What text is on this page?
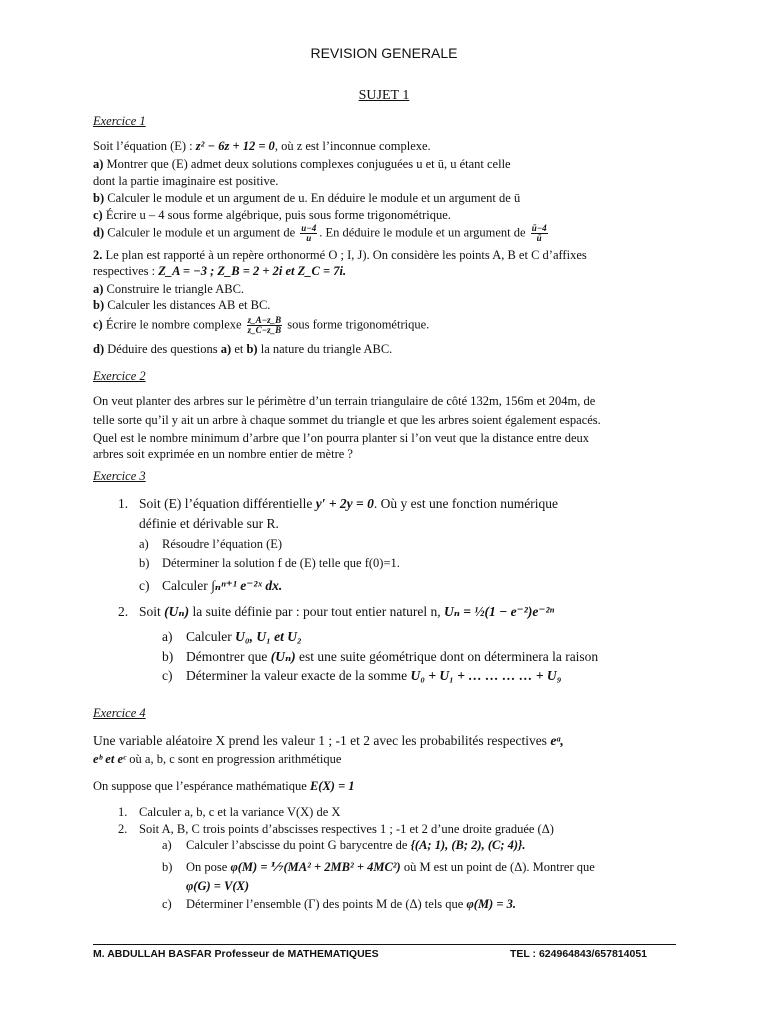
REVISION GENERALE
SUJET 1
Exercice 1
Soit l’équation (E) : z² − 6z + 12 = 0, où z est l’inconnue complexe.
a) Montrer que (E) admet deux solutions complexes conjuguées u et ū, u étant celle
dont la partie imaginaire est positive.
b) Calculer le module et un argument de u. En déduire le module et un argument de ū
c) Écrire u – 4 sous forme algébrique, puis sous forme trigonométrique.
d) Calculer le module et un argument de $\frac{u-4}{u}$ . En déduire le module et un argument de $\frac{ū-4}{ū}$
2. Le plan est rapporté à un repère orthonormé O ; I, J). On considère les points A, B et C d’affixes
respectives : Z_A = −3 ; Z_B = 2 + 2i et Z_C = 7i.
a) Construire le triangle ABC.
b) Calculer les distances AB et BC.
c) Écrire le nombre complexe $\frac{z\_A-z\_B}{z\_C-z\_B}$ sous forme trigonométrique.
d) Déduire des questions a) et b) la nature du triangle ABC.
Exercice 2
On veut planter des arbres sur le périmètre d’un terrain triangulaire de côté 132m, 156m et 204m, de
telle sorte qu’il y ait un arbre à chaque sommet du triangle et que les arbres soient également espacés.
Quel est le nombre minimum d’arbre que l’on pourra planter si l’on veut que la distance entre deux
arbres soit exprimée en un nombre entier de mètre ?
Exercice 3
1. Soit (E) l’équation différentielle y′ + 2y = 0. Où y est une fonction numérique
définie et dérivable sur R.
a) Résoudre l’équation (E)
b) Déterminer la solution f de (E) telle que f(0)=1.
c) Calculer ∫ₙⁿ⁺¹ e⁻²ˣ dx.
2. Soit (Uₙ) la suite définie par : pour tout entier naturel n, Uₙ = ½(1 − e⁻²)e⁻²ⁿ
a) Calculer U₀, U₁ et U₂
b) Démontrer que (Uₙ) est une suite géométrique dont on déterminera la raison
c) Déterminer la valeur exacte de la somme U₀ + U₁ + … … … … + U₉
Exercice 4
Une variable aléatoire X prend les valeur 1 ; -1 et 2 avec les probabilités respectives eᵃ,
eᵇ et eᶜ où a, b, c sont en progression arithmétique
On suppose que l’espérance mathématique E(X) = 1
1. Calculer a, b, c et la variance V(X) de X
2. Soit A, B, C trois points d’abscisses respectives 1 ; -1 et 2 d’une droite graduée (Δ)
a) Calculer l’abscisse du point G barycentre de {(A; 1), (B; 2), (C; 4)}.
b) On pose φ(M) = ⅐(MA² + 2MB² + 4MC²) où M est un point de (Δ). Montrer que
φ(G) = V(X)
c) Déterminer l’ensemble (Γ) des points M de (Δ) tels que φ(M) = 3.
M. ABDULLAH BASFAR Professeur de MATHEMATIQUES	TEL : 624964843/657814051
